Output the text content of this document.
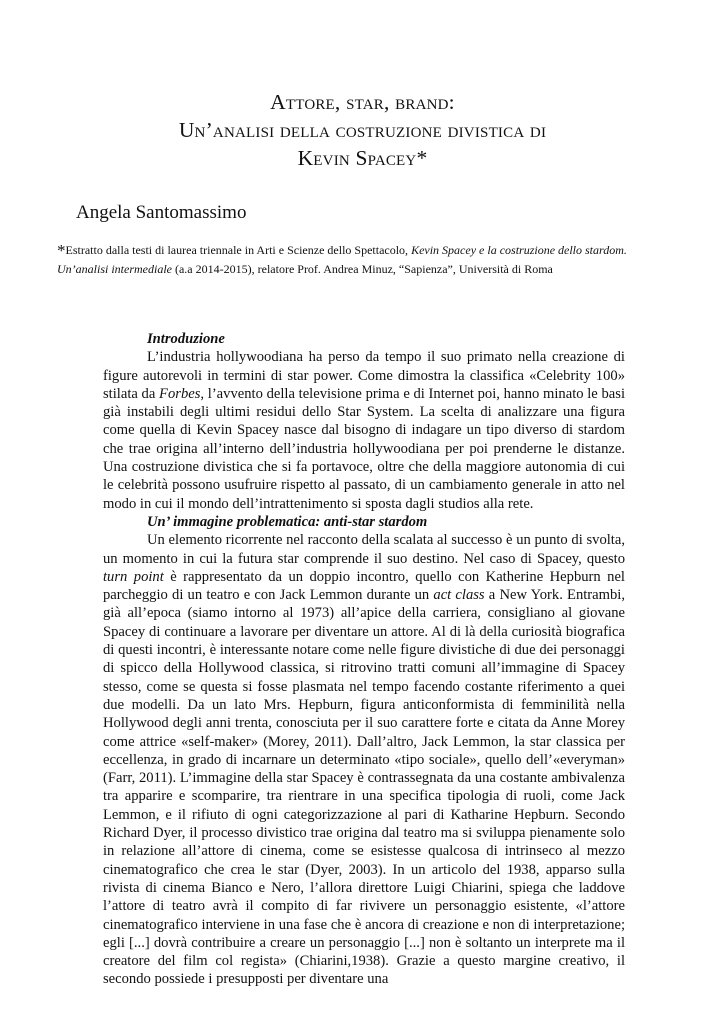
Attore, star, brand:
Un’analisi della costruzione divistica di
Kevin Spacey*
Angela Santomassimo
*Estratto dalla testi di laurea triennale in Arti e Scienze dello Spettacolo, Kevin Spacey e la costruzione dello stardom. Un’analisi intermediale (a.a 2014-2015), relatore Prof. Andrea Minuz, “Sapienza”, Università di Roma
Introduzione

L’industria hollywoodiana ha perso da tempo il suo primato nella creazione di figure autorevoli in termini di star power. Come dimostra la classifica «Celebrity 100» stilata da Forbes, l’avvento della televisione prima e di Internet poi, hanno minato le basi già instabili degli ultimi residui dello Star System. La scelta di analizzare una figura come quella di Kevin Spacey nasce dal bisogno di indagare un tipo diverso di stardom che trae origina all’interno dell’industria hollywoodiana per poi prenderne le distanze. Una costruzione divistica che si fa portavoce, oltre che della maggiore autonomia di cui le celebrità possono usufruire rispetto al passato, di un cambiamento generale in atto nel modo in cui il mondo dell’intrattenimento si sposta dagli studios alla rete.

Un’ immagine problematica: anti-star stardom

Un elemento ricorrente nel racconto della scalata al successo è un punto di svolta, un momento in cui la futura star comprende il suo destino. Nel caso di Spacey, questo turn point è rappresentato da un doppio incontro, quello con Katherine Hepburn nel parcheggio di un teatro e con Jack Lemmon durante un act class a New York. Entrambi, già all’epoca (siamo intorno al 1973) all’apice della carriera, consigliano al giovane Spacey di continuare a lavorare per diventare un attore. Al di là della curiosità biografica di questi incontri, è interessante notare come nelle figure divistiche di due dei personaggi di spicco della Hollywood classica, si ritrovino tratti comuni all’immagine di Spacey stesso, come se questa si fosse plasmata nel tempo facendo costante riferimento a quei due modelli. Da un lato Mrs. Hepburn, figura anticonformista di femminilità nella Hollywood degli anni trenta, conosciuta per il suo carattere forte e citata da Anne Morey come attrice «self-maker» (Morey, 2011). Dall’altro, Jack Lemmon, la star classica per eccellenza, in grado di incarnare un determinato «tipo sociale», quello dell’«everyman» (Farr, 2011). L’immagine della star Spacey è contrassegnata da una costante ambivalenza tra apparire e scomparire, tra rientrare in una specifica tipologia di ruoli, come Jack Lemmon, e il rifiuto di ogni categorizzazione al pari di Katharine Hepburn. Secondo Richard Dyer, il processo divistico trae origina dal teatro ma si sviluppa pienamente solo in relazione all’attore di cinema, come se esistesse qualcosa di intrinseco al mezzo cinematografico che crea le star (Dyer, 2003). In un articolo del 1938, apparso sulla rivista di cinema Bianco e Nero, l’allora direttore Luigi Chiarini, spiega che laddove l’attore di teatro avrà il compito di far rivivere un personaggio esistente, «l’attore cinematografico interviene in una fase che è ancora di creazione e non di interpretazione; egli [...] dovrà contribuire a creare un personaggio [...] non è soltanto un interprete ma il creatore del film col regista» (Chiarini,1938). Grazie a questo margine creativo, il secondo possiede i presupposti per diventare una
